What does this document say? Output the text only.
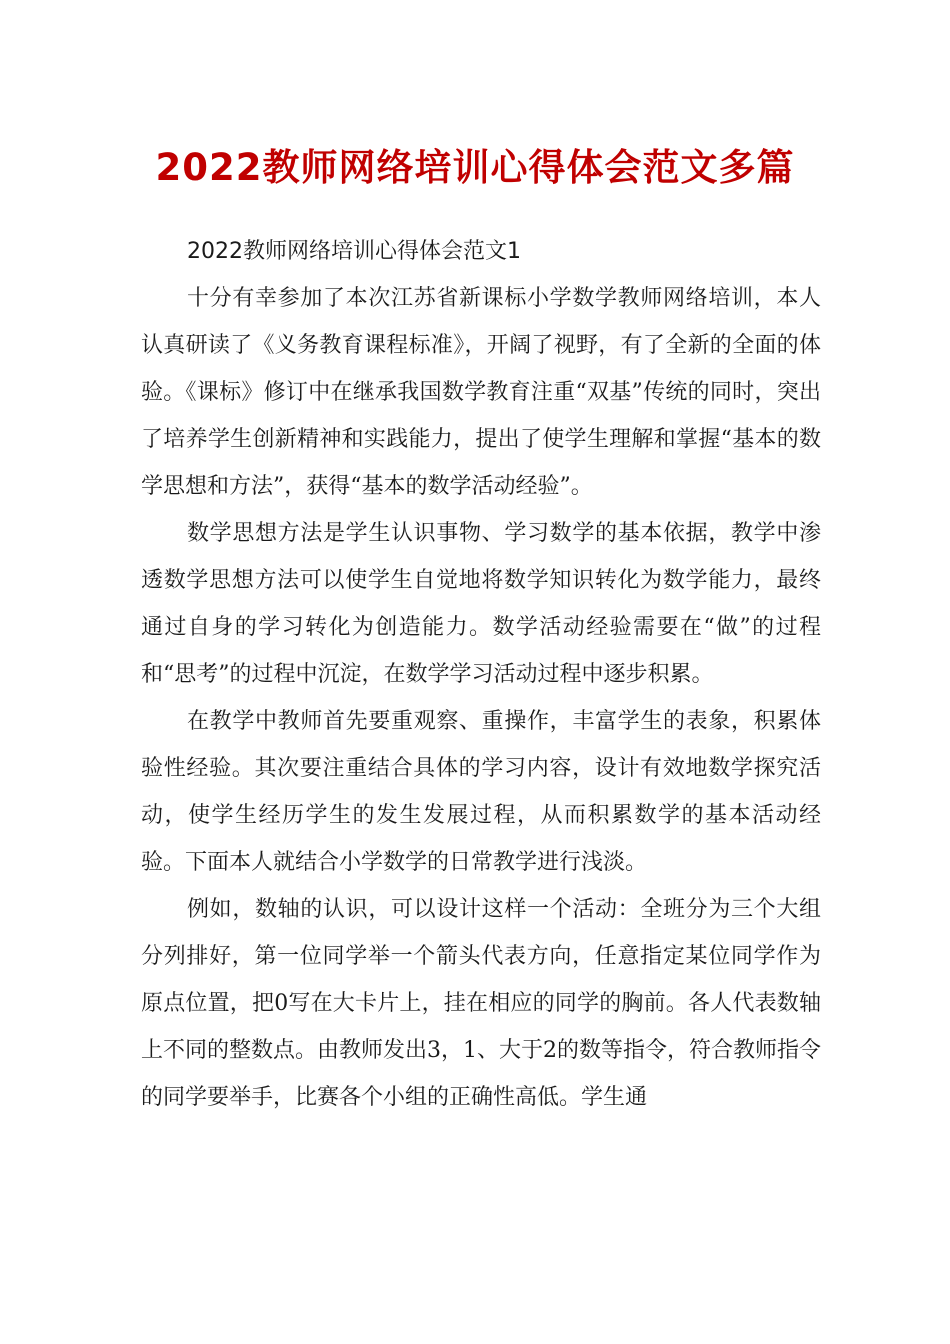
2022教师网络培训心得体会范文多篇

2022教师网络培训心得体会范文1

十分有幸参加了本次江苏省新课标小学数学教师网络培训，本人认真研读了《义务教育课程标准》，开阔了视野，有了全新的全面的体验。《课标》修订中在继承我国数学教育注重“双基”传统的同时，突出了培养学生创新精神和实践能力，提出了使学生理解和掌握“基本的数学思想和方法”，获得“基本的数学活动经验”。

数学思想方法是学生认识事物、学习数学的基本依据，教学中渗透数学思想方法可以使学生自觉地将数学知识转化为数学能力，最终通过自身的学习转化为创造能力。数学活动经验需要在“做”的过程和“思考”的过程中沉淀，在数学学习活动过程中逐步积累。

在教学中教师首先要重观察、重操作，丰富学生的表象，积累体验性经验。其次要注重结合具体的学习内容，设计有效地数学探究活动，使学生经历学生的发生发展过程，从而积累数学的基本活动经验。下面本人就结合小学数学的日常教学进行浅淡。

例如，数轴的认识，可以设计这样一个活动：全班分为三个大组分列排好，第一位同学举一个箭头代表方向，任意指定某位同学作为原点位置，把0写在大卡片上，挂在相应的同学的胸前。各人代表数轴上不同的整数点。由教师发出3，1、大于2的数等指令，符合教师指令的同学要举手，比赛各个小组的正确性高低。学生通
